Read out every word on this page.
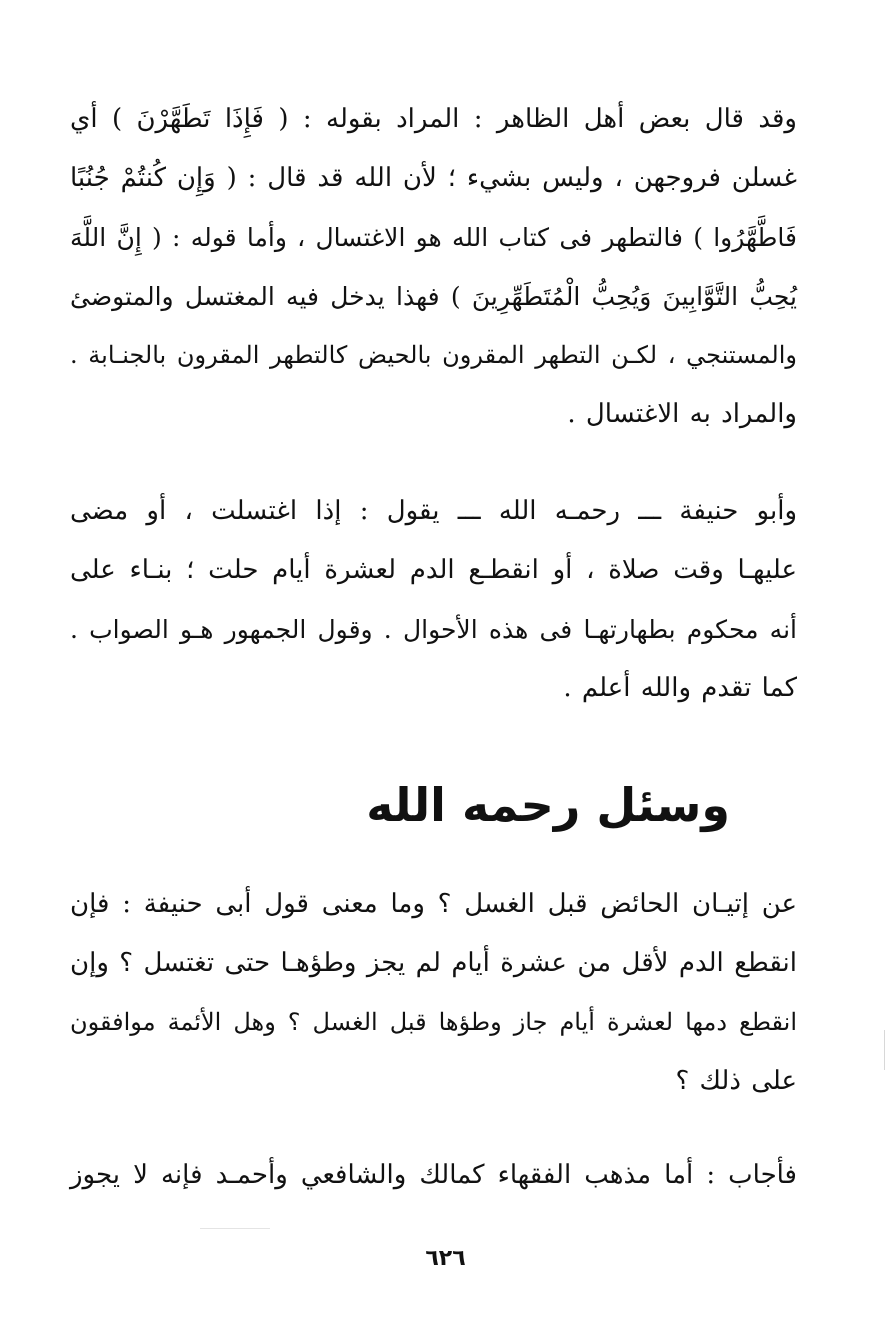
وقد قال بعض أهل الظاهر : المراد بقوله : ( فَإِذَا تَطَهَّرْنَ ) أي
غسلن فروجهن ، وليس بشيء ؛ لأن الله قد قال : ( وَإِن كُنتُمْ جُنُبًا
فَاطَّهَّرُوا ) فالتطهر فى كتاب الله هو الاغتسال ، وأما قوله : ( إِنَّ اللَّهَ
يُحِبُّ التَّوَّابِينَ وَيُحِبُّ الْمُتَطَهِّرِينَ ) فهذا يدخل فيه المغتسل والمتوضئ
والمستنجي ، لكـن التطهر المقرون بالحيض كالتطهر المقرون بالجنـابة .
والمراد به الاغتسال .
وأبو حنيفة ـــ رحمـه الله ـــ يقول : إذا اغتسلت ، أو مضى
عليهـا وقت صلاة ، أو انقطـع الدم لعشرة أيام حلت ؛ بنـاء على
أنه محكوم بطهارتهـا فى هذه الأحوال . وقول الجمهور هـو الصواب .
كما تقدم والله أعلم .
وسئل رحمه الله
عن إتيـان الحائض قبل الغسل ؟ وما معنى قول أبى حنيفة : فإن
انقطع الدم لأقل من عشرة أيام لم يجز وطؤهـا حتى تغتسل ؟ وإن
انقطع دمها لعشرة أيام جاز وطؤها قبل الغسل ؟ وهل الأئمة موافقون
على ذلك ؟
فأجاب : أما مذهب الفقهاء كمالك والشافعي وأحمـد فإنه لا يجوز
٦٢٦
